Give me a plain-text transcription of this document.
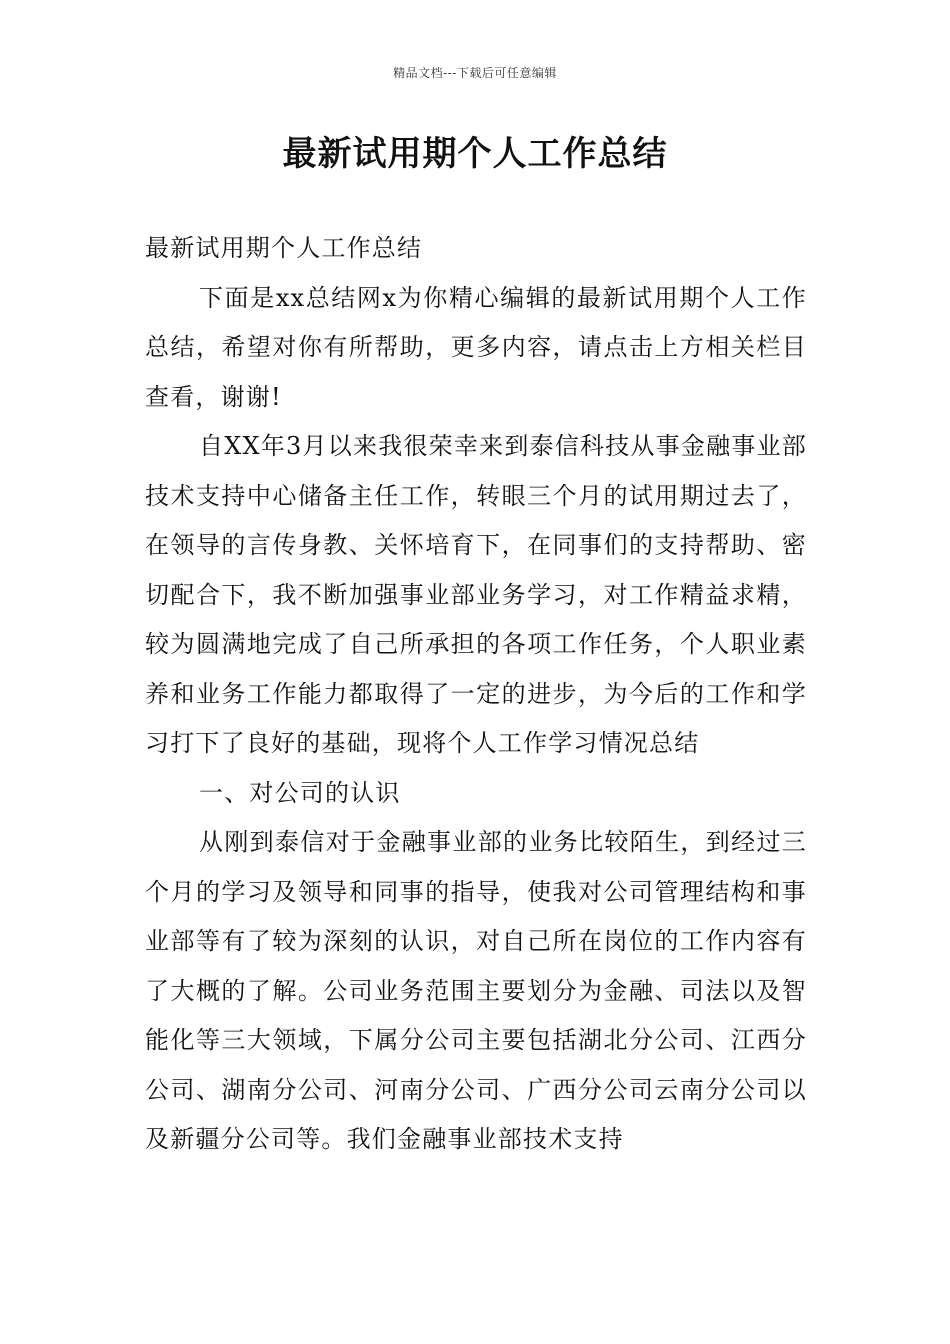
精品文档---下载后可任意编辑
最新试用期个人工作总结

最新试用期个人工作总结

下面是xx总结网x为你精心编辑的最新试用期个人工作总结，希望对你有所帮助，更多内容，请点击上方相关栏目查看，谢谢!

自XX年3月以来我很荣幸来到泰信科技从事金融事业部技术支持中心储备主任工作，转眼三个月的试用期过去了，在领导的言传身教、关怀培育下，在同事们的支持帮助、密切配合下，我不断加强事业部业务学习，对工作精益求精，较为圆满地完成了自己所承担的各项工作任务，个人职业素养和业务工作能力都取得了一定的进步，为今后的工作和学习打下了良好的基础，现将个人工作学习情况总结

一、对公司的认识

从刚到泰信对于金融事业部的业务比较陌生，到经过三个月的学习及领导和同事的指导，使我对公司管理结构和事业部等有了较为深刻的认识，对自己所在岗位的工作内容有了大概的了解。公司业务范围主要划分为金融、司法以及智能化等三大领域，下属分公司主要包括湖北分公司、江西分公司、湖南分公司、河南分公司、广西分公司云南分公司以及新疆分公司等。我们金融事业部技术支持
